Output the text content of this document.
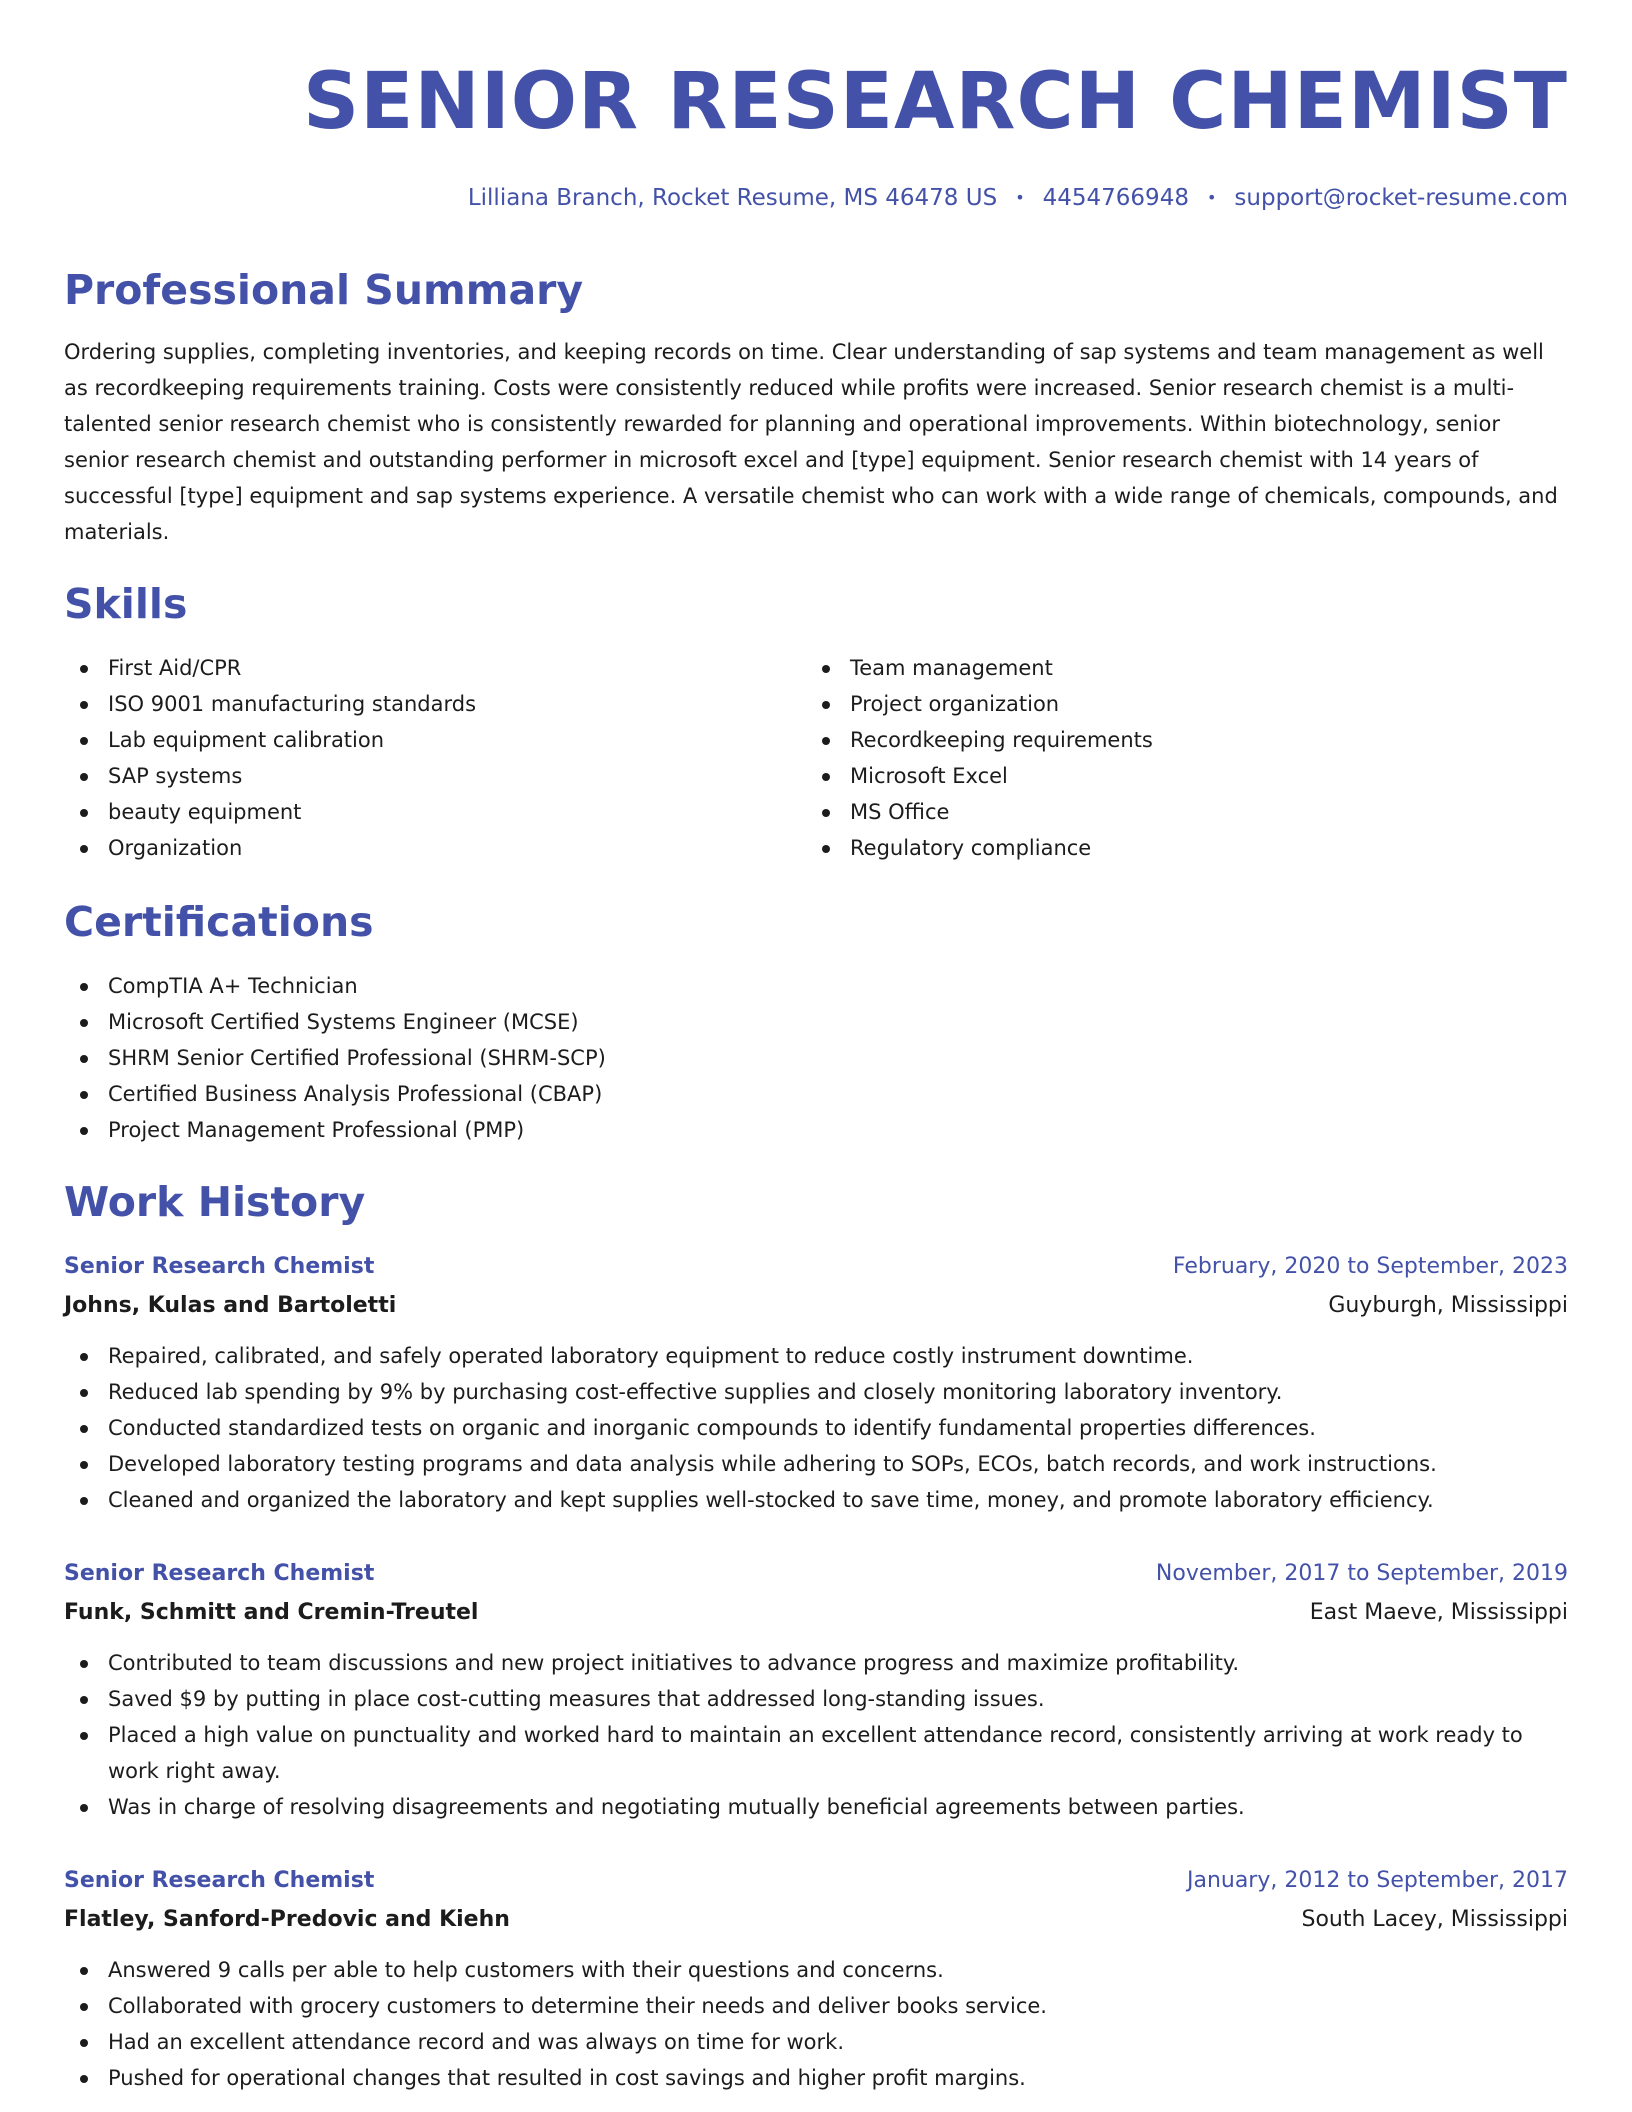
SENIOR RESEARCH CHEMIST
Lilliana Branch, Rocket Resume, MS 46478 US • 4454766948 • support@rocket-resume.com
Professional Summary

Ordering supplies, completing inventories, and keeping records on time. Clear understanding of sap systems and team management as well as recordkeeping requirements training. Costs were consistently reduced while profits were increased. Senior research chemist is a multi-talented senior research chemist who is consistently rewarded for planning and operational improvements. Within biotechnology, senior senior research chemist and outstanding performer in microsoft excel and [type] equipment. Senior research chemist with 14 years of successful [type] equipment and sap systems experience. A versatile chemist who can work with a wide range of chemicals, compounds, and materials.

Skills
First Aid/CPR
ISO 9001 manufacturing standards
Lab equipment calibration
SAP systems
beauty equipment
Organization
Team management
Project organization
Recordkeeping requirements
Microsoft Excel
MS Office
Regulatory compliance
Certifications
CompTIA A+ Technician
Microsoft Certified Systems Engineer (MCSE)
SHRM Senior Certified Professional (SHRM-SCP)
Certified Business Analysis Professional (CBAP)
Project Management Professional (PMP)
Work History
Senior Research Chemist	February, 2020 to September, 2023
Johns, Kulas and Bartoletti	Guyburgh, Mississippi
Repaired, calibrated, and safely operated laboratory equipment to reduce costly instrument downtime.
Reduced lab spending by 9% by purchasing cost-effective supplies and closely monitoring laboratory inventory.
Conducted standardized tests on organic and inorganic compounds to identify fundamental properties differences.
Developed laboratory testing programs and data analysis while adhering to SOPs, ECOs, batch records, and work instructions.
Cleaned and organized the laboratory and kept supplies well-stocked to save time, money, and promote laboratory efficiency.
Senior Research Chemist	November, 2017 to September, 2019
Funk, Schmitt and Cremin-Treutel	East Maeve, Mississippi
Contributed to team discussions and new project initiatives to advance progress and maximize profitability.
Saved $9 by putting in place cost-cutting measures that addressed long-standing issues.
Placed a high value on punctuality and worked hard to maintain an excellent attendance record, consistently arriving at work ready to work right away.
Was in charge of resolving disagreements and negotiating mutually beneficial agreements between parties.
Senior Research Chemist	January, 2012 to September, 2017
Flatley, Sanford-Predovic and Kiehn	South Lacey, Mississippi
Answered 9 calls per able to help customers with their questions and concerns.
Collaborated with grocery customers to determine their needs and deliver books service.
Had an excellent attendance record and was always on time for work.
Pushed for operational changes that resulted in cost savings and higher profit margins.
